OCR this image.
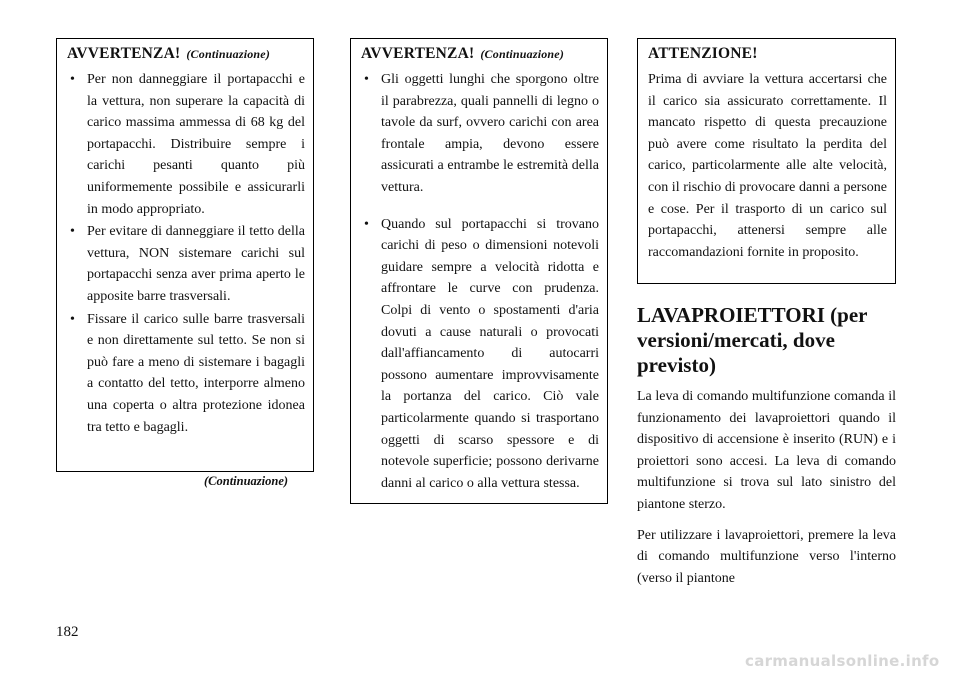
AVVERTENZA! (Continuazione)
• Per non danneggiare il portapacchi e la vettura, non superare la capacità di carico massima ammessa di 68 kg del portapacchi. Distribuire sempre i carichi pesanti quanto più uniformemente possibile e assicurarli in modo appropriato.
• Per evitare di danneggiare il tetto della vettura, NON sistemare carichi sul portapacchi senza aver prima aperto le apposite barre trasversali.
• Fissare il carico sulle barre trasversali e non direttamente sul tetto. Se non si può fare a meno di sistemare i bagagli a contatto del tetto, interporre almeno una coperta o altra protezione idonea tra tetto e bagagli.
(Continuazione)
AVVERTENZA! (Continuazione)
• Gli oggetti lunghi che sporgono oltre il parabrezza, quali pannelli di legno o tavole da surf, ovvero carichi con area frontale ampia, devono essere assicurati a entrambe le estremità della vettura.
• Quando sul portapacchi si trovano carichi di peso o dimensioni notevoli guidare sempre a velocità ridotta e affrontare le curve con prudenza. Colpi di vento o spostamenti d'aria dovuti a cause naturali o provocati dall'affiancamento di autocarri possono aumentare improvvisamente la portanza del carico. Ciò vale particolarmente quando si trasportano oggetti di scarso spessore e di notevole superficie; possono derivarne danni al carico o alla vettura stessa.
ATTENZIONE!

Prima di avviare la vettura accertarsi che il carico sia assicurato correttamente. Il mancato rispetto di questa precauzione può avere come risultato la perdita del carico, particolarmente alle alte velocità, con il rischio di provocare danni a persone e cose. Per il trasporto di un carico sul portapacchi, attenersi sempre alle raccomandazioni fornite in proposito.

LAVAPROIETTORI (per versioni/mercati, dove previsto)

La leva di comando multifunzione comanda il funzionamento dei lavaproiettori quando il dispositivo di accensione è inserito (RUN) e i proiettori sono accesi. La leva di comando multifunzione si trova sul lato sinistro del piantone sterzo.

Per utilizzare i lavaproiettori, premere la leva di comando multifunzione verso l'interno (verso il piantone

182
carmanualsonline.info
